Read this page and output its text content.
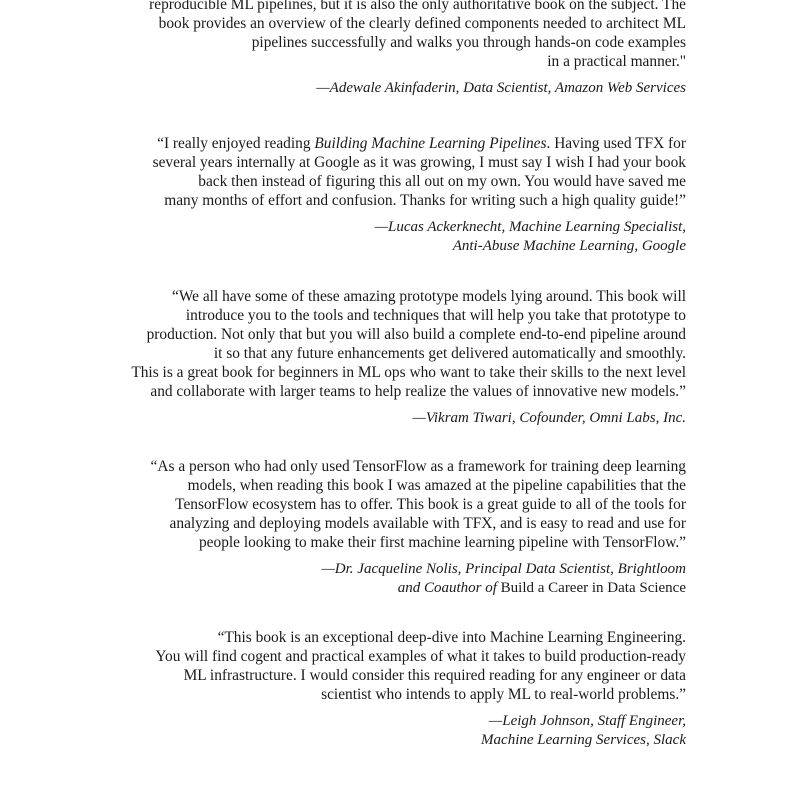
reproducible ML pipelines, but it is also the only authoritative book on the subject. The
book provides an overview of the clearly defined components needed to architect ML
pipelines successfully and walks you through hands-on code examples
in a practical manner."
—Adewale Akinfaderin, Data Scientist, Amazon Web Services
“I really enjoyed reading Building Machine Learning Pipelines. Having used TFX for
several years internally at Google as it was growing, I must say I wish I had your book
back then instead of figuring this all out on my own. You would have saved me
many months of effort and confusion. Thanks for writing such a high quality guide!”
—Lucas Ackerknecht, Machine Learning Specialist,
Anti-Abuse Machine Learning, Google
“We all have some of these amazing prototype models lying around. This book will
introduce you to the tools and techniques that will help you take that prototype to
production. Not only that but you will also build a complete end-to-end pipeline around
it so that any future enhancements get delivered automatically and smoothly.
This is a great book for beginners in ML ops who want to take their skills to the next level
and collaborate with larger teams to help realize the values of innovative new models.”
—Vikram Tiwari, Cofounder, Omni Labs, Inc.
“As a person who had only used TensorFlow as a framework for training deep learning
models, when reading this book I was amazed at the pipeline capabilities that the
TensorFlow ecosystem has to offer. This book is a great guide to all of the tools for
analyzing and deploying models available with TFX, and is easy to read and use for
people looking to make their first machine learning pipeline with TensorFlow.”
—Dr. Jacqueline Nolis, Principal Data Scientist, Brightloom
and Coauthor of Build a Career in Data Science
“This book is an exceptional deep-dive into Machine Learning Engineering.
You will find cogent and practical examples of what it takes to build production-ready
ML infrastructure. I would consider this required reading for any engineer or data
scientist who intends to apply ML to real-world problems.”
—Leigh Johnson, Staff Engineer,
Machine Learning Services, Slack
